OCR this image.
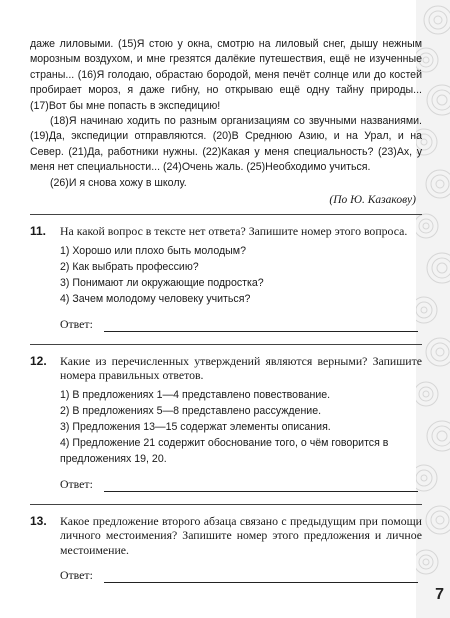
даже лиловыми. (15)Я стою у окна, смотрю на лиловый снег, дышу нежным морозным воздухом, и мне грезятся далёкие путешествия, ещё не изученные страны... (16)Я голодаю, обрастаю бородой, меня печёт солнце или до костей пробирает мороз, я даже гибну, но открываю ещё одну тайну природы... (17)Вот бы мне попасть в экспедицию!

(18)Я начинаю ходить по разным организациям со звучными названиями. (19)Да, экспедиции отправляются. (20)В Среднюю Азию, и на Урал, и на Север. (21)Да, работники нужны. (22)Какая у меня специальность? (23)Ах, у меня нет специальности... (24)Очень жаль. (25)Необходимо учиться.

(26)И я снова хожу в школу.

(По Ю. Казакову)
11.	На какой вопрос в тексте нет ответа? Запишите номер этого вопроса.

1) Хорошо или плохо быть молодым?

2) Как выбрать профессию?

3) Понимают ли окружающие подростка?

4) Зачем молодому человеку учиться?

Ответ:
12.	Какие из перечисленных утверждений являются верными? Запишите номера правильных ответов.

1) В предложениях 1—4 представлено повествование.

2) В предложениях 5—8 представлено рассуждение.

3) Предложения 13—15 содержат элементы описания.

4) Предложение 21 содержит обоснование того, о чём говорится в предложениях 19, 20.

Ответ:
13.	Какое предложение второго абзаца связано с предыдущим при помощи личного местоимения? Запишите номер этого предложения и личное местоимение.

Ответ:
7
